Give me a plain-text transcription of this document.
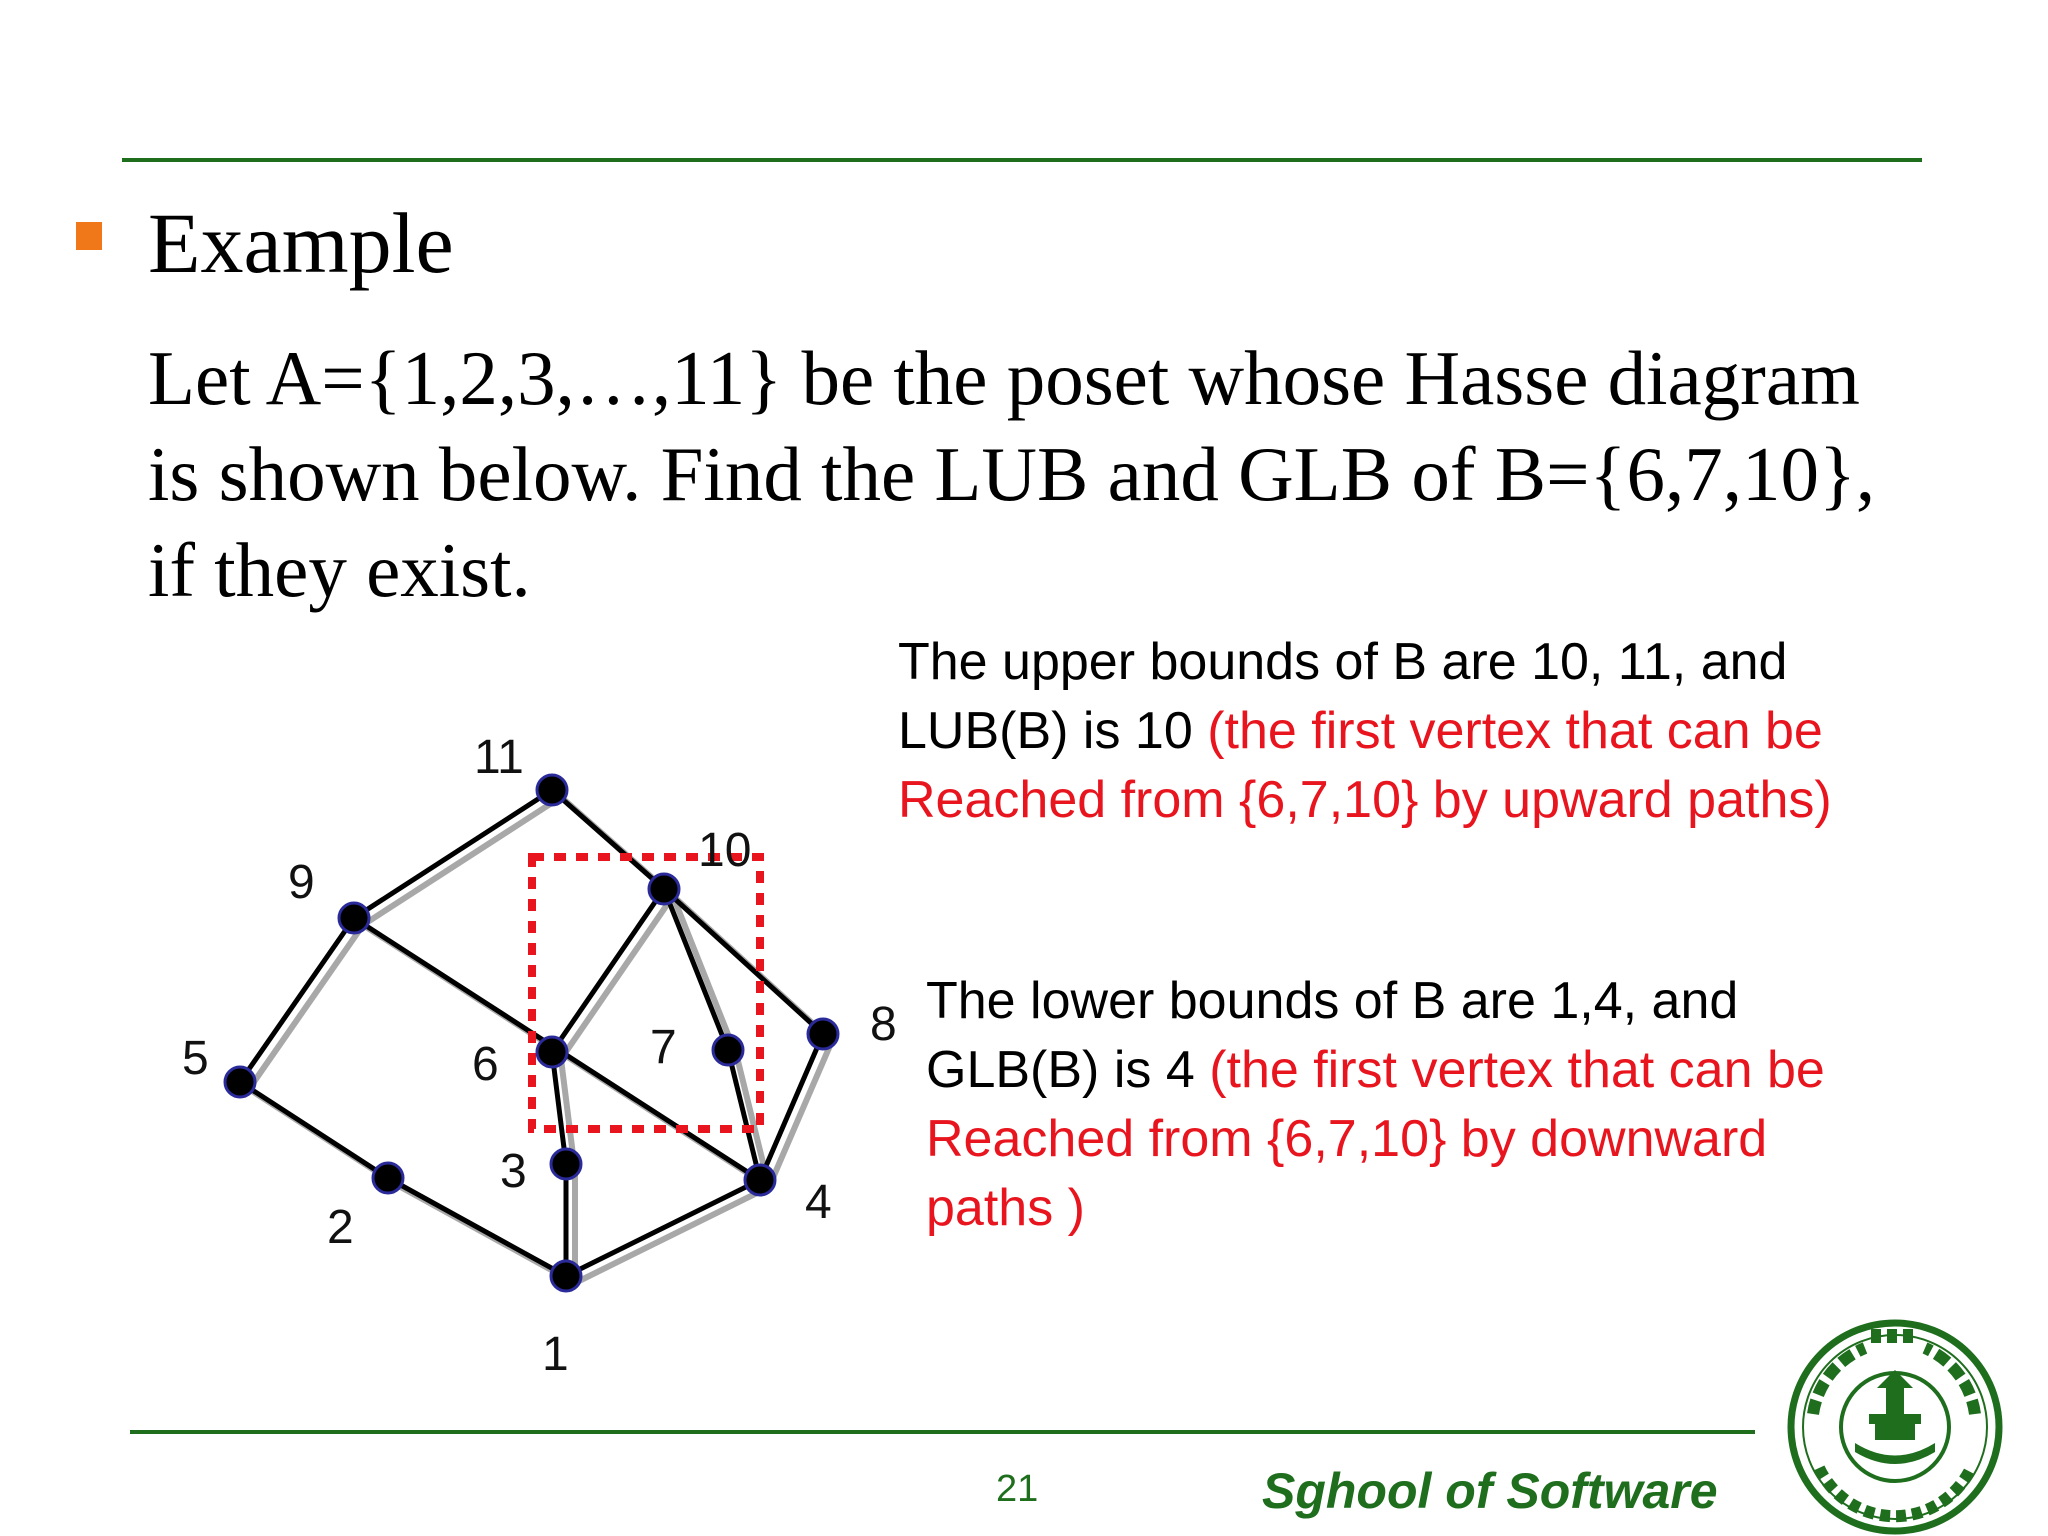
Example
Let A={1,2,3,…,11} be the poset whose Hasse diagram
is shown below. Find the LUB and GLB of B={6,7,10},
if they exist.
The upper bounds of B are 10, 11, and
LUB(B) is 10 (the first vertex that can be
Reached from {6,7,10} by upward paths)
The lower bounds of B are 1,4, and
GLB(B) is 4 (the first vertex that can be
Reached from {6,7,10} by downward
paths )
1
2
3
4
5	6	7	8
9
10
11
21	Sghool of Software
